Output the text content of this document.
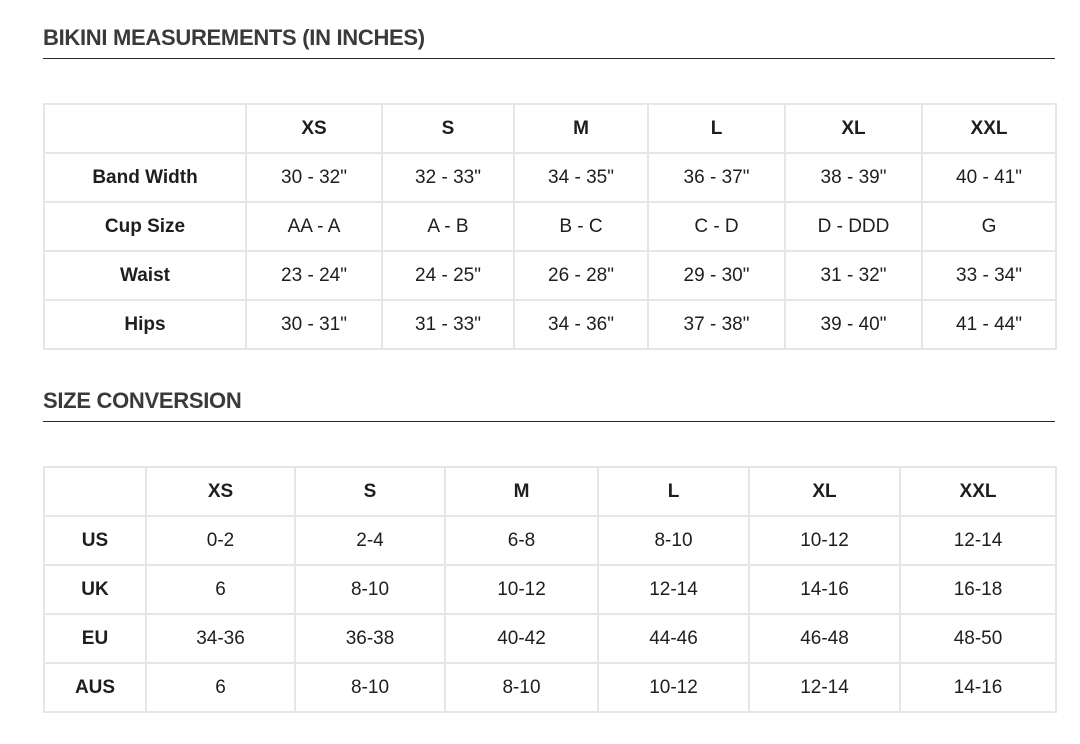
BIKINI MEASUREMENTS (IN INCHES)
	XS	S	M	L	XL	XXL
Band Width	30 - 32"	32 - 33"	34 - 35"	36 - 37"	38 - 39"	40 - 41"
Cup Size	AA - A	A - B	B - C	C - D	D - DDD	G
Waist	23 - 24"	24 - 25"	26 - 28"	29 - 30"	31 - 32"	33 - 34"
Hips	30 - 31"	31 - 33"	34 - 36"	37 - 38"	39 - 40"	41 - 44"
SIZE CONVERSION
	XS	S	M	L	XL	XXL
US	0-2	2-4	6-8	8-10	10-12	12-14
UK	6	8-10	10-12	12-14	14-16	16-18
EU	34-36	36-38	40-42	44-46	46-48	48-50
AUS	6	8-10	8-10	10-12	12-14	14-16
